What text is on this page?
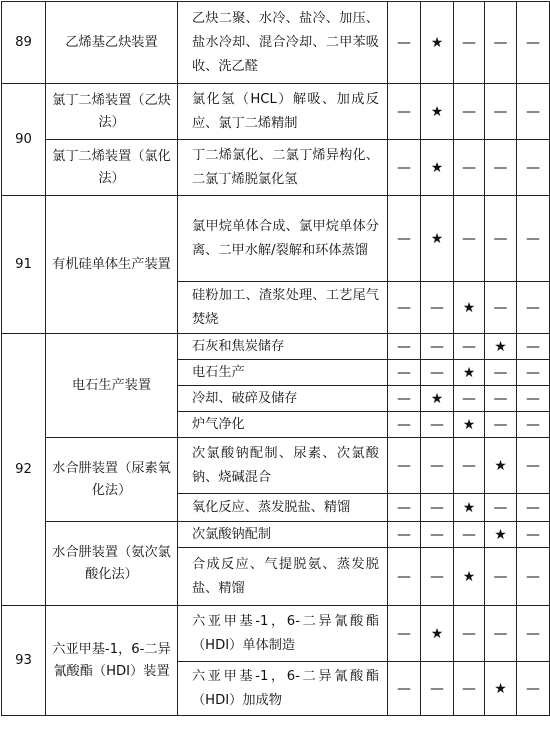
89	乙烯基乙炔装置	乙炔二聚、水冷、盐冷、加压、盐水冷却、混合冷却、二甲苯吸收、洗乙醛	—	★	—	—	—
90	氯丁二烯装置（乙炔法）	氯化氢（HCL）解吸、加成反应、氯丁二烯精制	—	★	—	—	—
	氯丁二烯装置（氯化法）	丁二烯氯化、二氯丁烯异构化、二氯丁烯脱氯化氢	—	★	—	—	—
91	有机硅单体生产装置	氯甲烷单体合成、氯甲烷单体分离、二甲水解/裂解和环体蒸馏	—	★	—	—	—
		硅粉加工、渣浆处理、工艺尾气焚烧	—	—	★	—	—
92	电石生产装置	石灰和焦炭储存	—	—	—	★	—
		电石生产	—	—	★	—	—
		冷却、破碎及储存	—	★	—	—	—
		炉气净化	—	—	★	—	—
	水合肼装置（尿素氧化法）	次氯酸钠配制、尿素、次氯酸钠、烧碱混合	—	—	—	★	—
		氧化反应、蒸发脱盐、精馏	—	—	★	—	—
	水合肼装置（氨次氯酸化法）	次氯酸钠配制	—	—	—	★	—
		合成反应、气提脱氨、蒸发脱盐、精馏	—	—	★	—	—
93	六亚甲基-1，6-二异氰酸酯（HDI）装置	六亚甲基-1，6-二异氰酸酯（HDI）单体制造	—	★	—	—	—
		六亚甲基-1，6-二异氰酸酯（HDI）加成物	—	—	—	★	—
